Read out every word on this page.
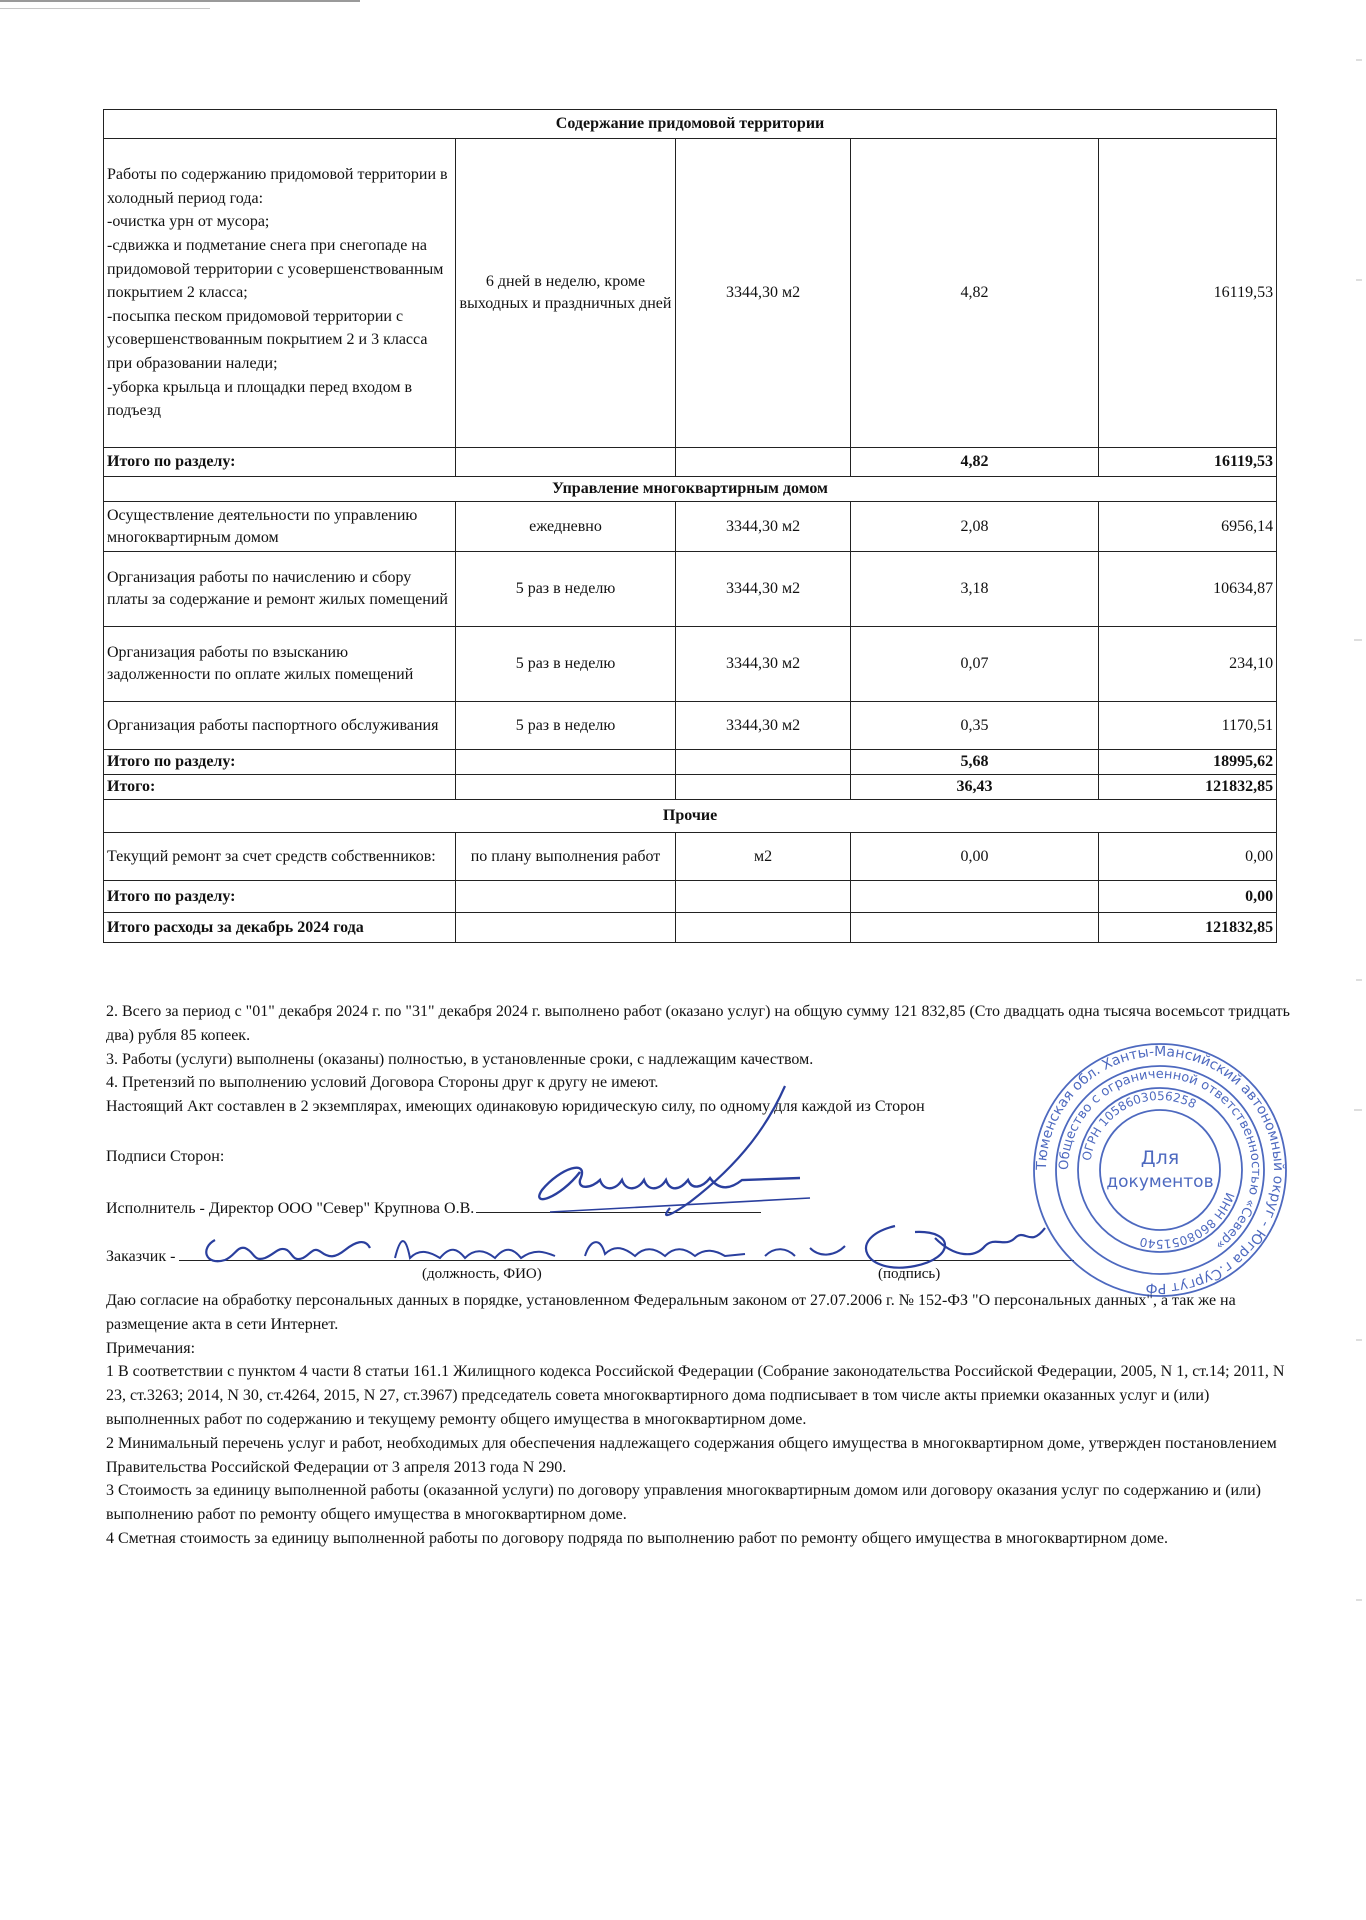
Содержание придомовой территории				
Работы по содержанию придомовой территории в холодный период года:
-очистка урн от мусора;
-сдвижка и подметание снега при снегопаде на придомовой территории с усовершенствованным покрытием 2 класса;
-посыпка песком придомовой территории с усовершенствованным покрытием 2 и 3 класса при образовании наледи;
-уборка крыльца и площадки перед входом в подъезд	6 дней в неделю, кроме выходных и праздничных дней	3344,30 м2	4,82	16119,53
Итого по разделу:			4,82	16119,53
Управление многоквартирным домом				
Осуществление деятельности по управлению многоквартирным домом	ежедневно	3344,30 м2	2,08	6956,14
Организация работы по начислению и сбору платы за содержание и ремонт жилых помещений	5 раз в неделю	3344,30 м2	3,18	10634,87
Организация работы по взысканию задолженности по оплате жилых помещений	5 раз в неделю	3344,30 м2	0,07	234,10
Организация работы паспортного обслуживания	5 раз в неделю	3344,30 м2	0,35	1170,51
Итого по разделу:			5,68	18995,62
Итого:			36,43	121832,85
Прочие				
Текущий ремонт за счет средств собственников:	по плану выполнения работ	м2	0,00	0,00
Итого по разделу:				0,00
Итого расходы за декабрь 2024 года				121832,85

2. Всего за период с "01" декабря 2024 г. по "31" декабря 2024 г. выполнено работ (оказано услуг) на общую сумму 121 832,85 (Сто двадцать одна тысяча восемьсот тридцать два) рубля 85 копеек.

3. Работы (услуги) выполнены (оказаны) полностью, в установленные сроки, с надлежащим качеством.

4. Претензий по выполнению условий Договора Стороны друг к другу не имеют.

Настоящий Акт составлен в 2 экземплярах, имеющих одинаковую юридическую силу, по одному для каждой из Сторон

Подписи Сторон:
Исполнитель - Директор ООО "Север" Крупнова О.В.
Заказчик -
(должность, ФИО)	(подпись)

Даю согласие на обработку персональных данных в порядке, установленном Федеральным законом от 27.07.2006 г. № 152-ФЗ "О персональных данных", а так же на размещение акта в сети Интернет.

Примечания:

1 В соответствии с пунктом 4 части 8 статьи 161.1 Жилищного кодекса Российской Федерации (Собрание законодательства Российской Федерации, 2005, N 1, ст.14; 2011, N 23, ст.3263; 2014, N 30, ст.4264, 2015, N 27, ст.3967) председатель совета многоквартирного дома подписывает в том числе акты приемки оказанных услуг и (или) выполненных работ по содержанию и текущему ремонту общего имущества в многоквартирном доме.

2 Минимальный перечень услуг и работ, необходимых для обеспечения надлежащего содержания общего имущества в многоквартирном доме, утвержден постановлением Правительства Российской Федерации от 3 апреля 2013 года N 290.

3 Стоимость за единицу выполненной работы (оказанной услуги) по договору управления многоквартирным домом или договору оказания услуг по содержанию и (или) выполнению работ по ремонту общего имущества в многоквартирном доме.

4 Сметная стоимость за единицу выполненной работы по договору подряда по выполнению работ по ремонту общего имущества в многоквартирном доме.

Тюменская обл. Ханты-Мансийский автономный округ - Югра г.Сургут РФ
Общество с ограниченной ответственностью «Север»
ОГРН 1058603056258
ИНН 8608051540
Для
документов
